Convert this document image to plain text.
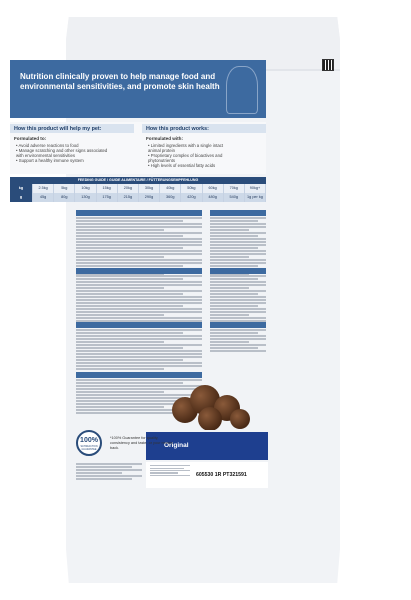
Nutrition clinically proven to help manage food and environmental sensitivities, and promote skin health
How this product will help my pet:
Formulated to:
• Avoid adverse reactions to food
• Manage scratching and other signs associated
with environmental sensitivities
• Support a healthy immune system
How this product works:
Formulated with:
• Limited ingredients with a single intact
animal protein
• Proprietary complex of bioactives and
phytonutrients
• High levels of essential fatty acids
FEEDING GUIDE / GUIDE ALIMENTAIRE / FÜTTERUNGSEMPFEHLUNG
kg	2.5kg	5kg	10kg	15kg	20kg	30kg	40kg	50kg	60kg	70kg	90kg+
g	45g	80g	130g	175g	215g	290g	360g	420g	480g	540g	1g per kg
Original
605530 1R PT321591
100%
SATISFACTION GUARANTEE
*100% Guarantee for quality, consistency and taste, or your money back.
